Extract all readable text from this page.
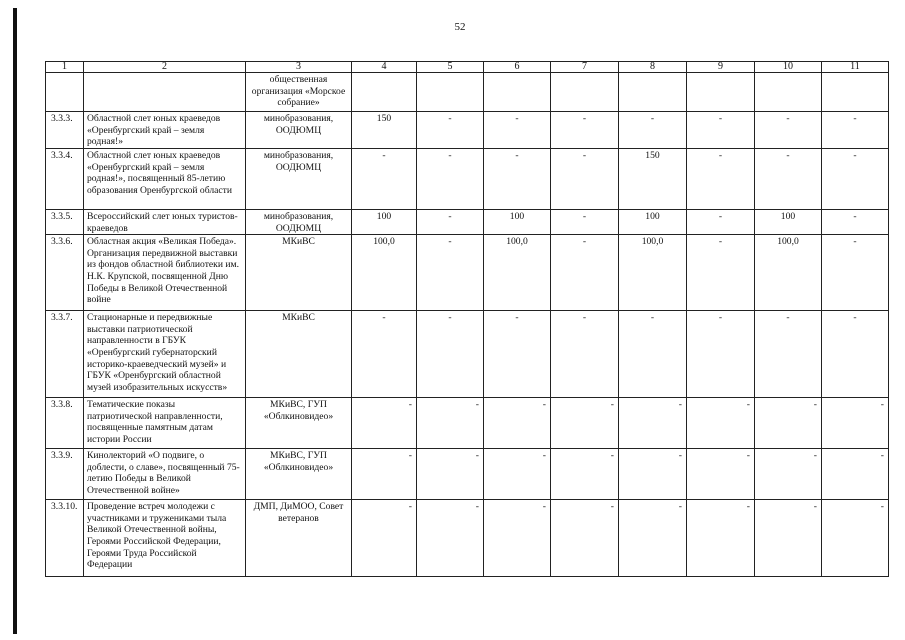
52
1	2	3	4	5	6	7	8	9	10	11
		общественная организация «Морское собрание»								
3.3.3.	Областной слет юных краеведов «Оренбургский край – земля родная!»	минобразования, ООДЮМЦ	150	-	-	-	-	-	-	-
3.3.4.	Областной слет юных краеведов «Оренбургский край – земля родная!», посвященный 85-летию образования Оренбургской области	минобразования, ООДЮМЦ	-	-	-	-	150	-	-	-
3.3.5.	Всероссийский слет юных туристов-краеведов	минобразования, ООДЮМЦ	100	-	100	-	100	-	100	-
3.3.6.	Областная акция «Великая Победа». Организация передвижной выставки из фондов областной библиотеки им. Н.К. Крупской, посвященной Дню Победы в Великой Отечественной войне	МКиВС	100,0	-	100,0	-	100,0	-	100,0	-
3.3.7.	Стационарные и передвижные выставки патриотической направленности в ГБУК «Оренбургский губернаторский историко-краеведческий музей» и ГБУК «Оренбургский областной музей изобразительных искусств»	МКиВС	-	-	-	-	-	-	-	-
3.3.8.	Тематические показы патриотической направленности, посвященные памятным датам истории России	МКиВС, ГУП «Облкиновидео»	-	-	-	-	-	-	-	-
3.3.9.	Кинолекторий «О подвиге, о доблести, о славе», посвященный 75-летию Победы в Великой Отечественной войне»	МКиВС, ГУП «Облкиновидео»	-	-	-	-	-	-	-	-
3.3.10.	Проведение встреч молодежи с участниками и тружениками тыла Великой Отечественной войны, Героями Российской Федерации, Героями Труда Российской Федерации	ДМП, ДиМОО, Совет ветеранов	-	-	-	-	-	-	-	-
